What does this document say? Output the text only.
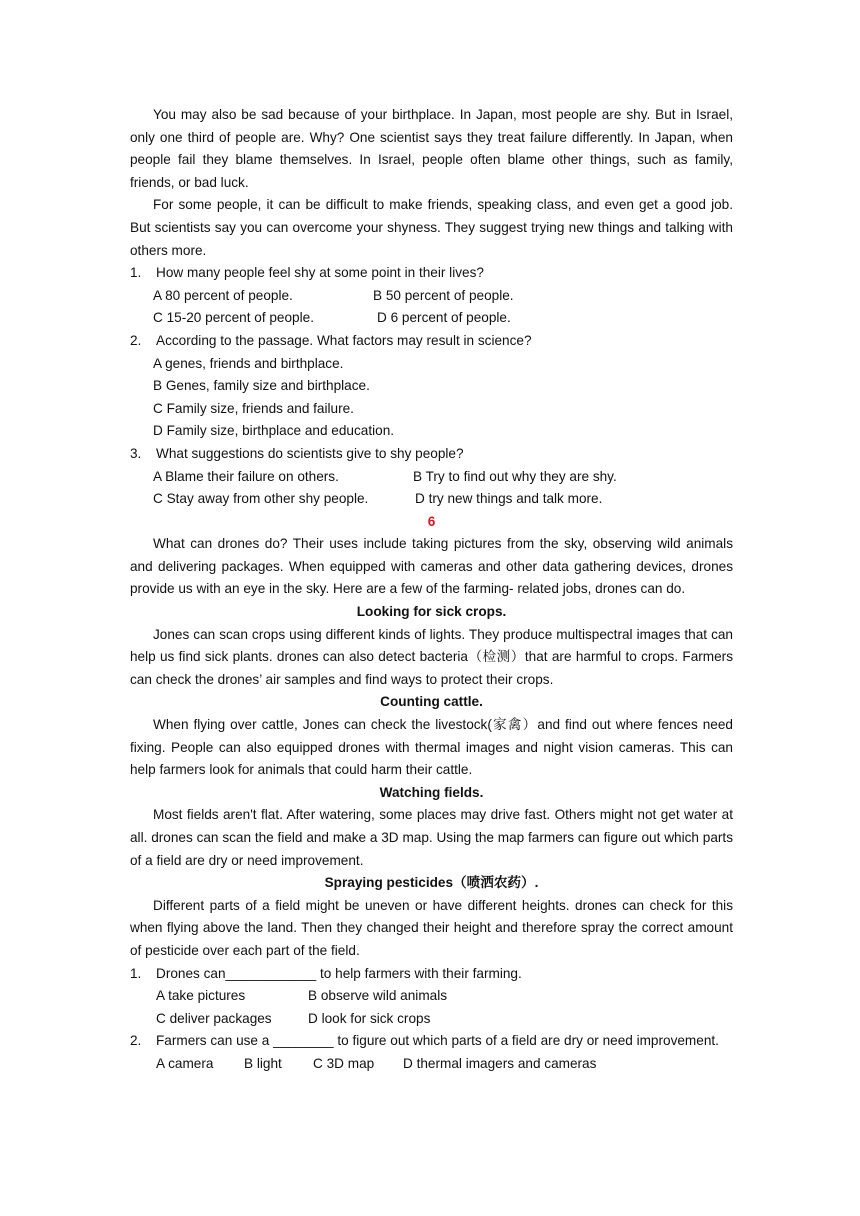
You may also be sad because of your birthplace. In Japan, most people are shy. But in Israel, only one third of people are. Why? One scientist says they treat failure differently. In Japan, when people fail they blame themselves. In Israel, people often blame other things, such as family, friends, or bad luck.

For some people, it can be difficult to make friends, speaking class, and even get a good job. But scientists say you can overcome your shyness. They suggest trying new things and talking with others more.

1.	How many people feel shy at some point in their lives?
A 80 percent of people.	B 50 percent of people.
C 15-20 percent of people.	D 6 percent of people.
2.	According to the passage. What factors may result in science?
A genes, friends and birthplace.
B Genes, family size and birthplace.
C Family size, friends and failure.
D Family size, birthplace and education.
3.	What suggestions do scientists give to shy people?
A Blame their failure on others.	B Try to find out why they are shy.
C Stay away from other shy people.	D try new things and talk more.
6

What can drones do? Their uses include taking pictures from the sky, observing wild animals and delivering packages. When equipped with cameras and other data gathering devices, drones provide us with an eye in the sky. Here are a few of the farming- related jobs, drones can do.

Looking for sick crops.

Jones can scan crops using different kinds of lights. They produce multispectral images that can help us find sick plants. drones can also detect bacteria（检测）that are harmful to crops. Farmers can check the drones’ air samples and find ways to protect their crops.

Counting cattle.

When flying over cattle, Jones can check the livestock(家禽）and find out where fences need fixing. People can also equipped drones with thermal images and night vision cameras. This can help farmers look for animals that could harm their cattle.

Watching fields.

Most fields aren't flat. After watering, some places may drive fast. Others might not get water at all. drones can scan the field and make a 3D map. Using the map farmers can figure out which parts of a field are dry or need improvement.

Spraying pesticides（喷洒农药）.

Different parts of a field might be uneven or have different heights. drones can check for this when flying above the land. Then they changed their height and therefore spray the correct amount of pesticide over each part of the field.

1.	Drones can____________ to help farmers with their farming.
A take pictures	B observe wild animals
C deliver packages	D look for sick crops
2.	Farmers can use a ________ to figure out which parts of a field are dry or need improvement.
A camera B light C 3D map D thermal imagers and cameras
